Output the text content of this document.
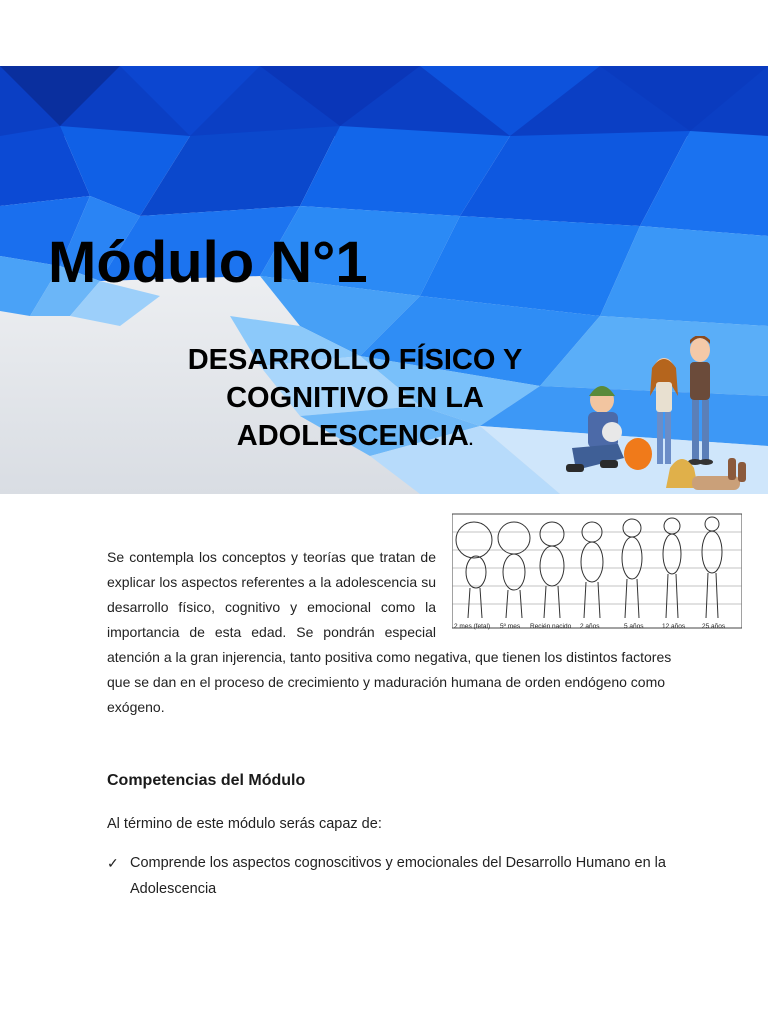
Módulo N°1
DESARROLLO FÍSICO Y
COGNITIVO EN LA
ADOLESCENCIA.
2 mes (fetal) 5º mes Recién nacido 2 años	5 años	12 años	25 años
Se contempla los conceptos y teorías que tratan de
explicar los aspectos referentes a la adolescencia su
desarrollo físico, cognitivo y emocional como la
importancia de esta edad. Se pondrán especial
atención a la gran injerencia, tanto positiva como negativa, que tienen los distintos factores
que se dan en el proceso de crecimiento y maduración humana de orden endógeno como
exógeno.
Competencias del Módulo
Al término de este módulo serás capaz de:
✓ Comprende los aspectos cognoscitivos y emocionales del Desarrollo Humano en la Adolescencia
